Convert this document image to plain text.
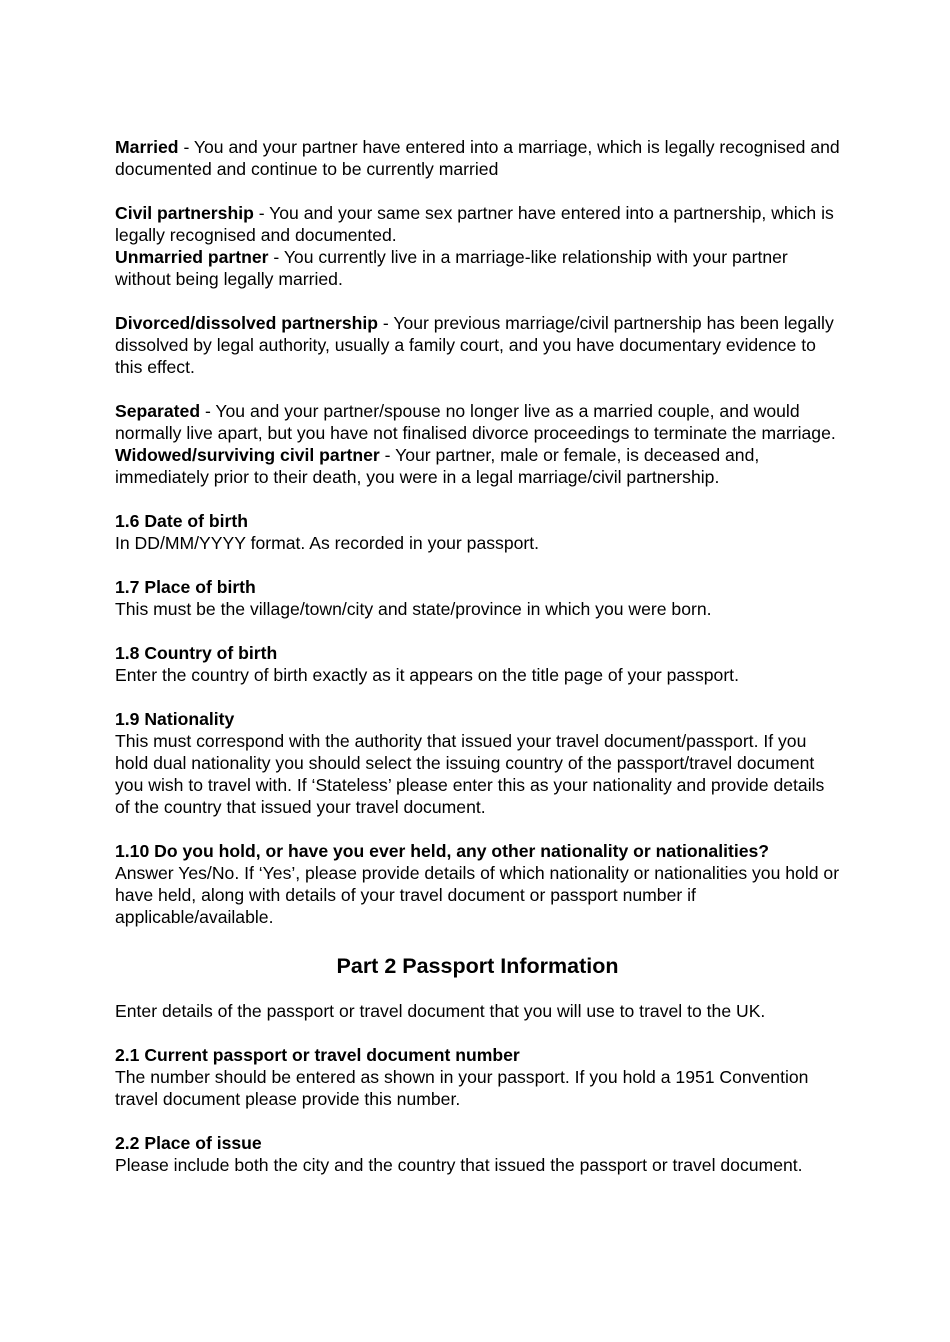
Married - You and your partner have entered into a marriage, which is legally recognised and documented and continue to be currently married

Civil partnership - You and your same sex partner have entered into a partnership, which is legally recognised and documented.

Unmarried partner - You currently live in a marriage-like relationship with your partner without being legally married.

Divorced/dissolved partnership - Your previous marriage/civil partnership has been legally dissolved by legal authority, usually a family court, and you have documentary evidence to this effect.

Separated - You and your partner/spouse no longer live as a married couple, and would normally live apart, but you have not finalised divorce proceedings to terminate the marriage.

Widowed/surviving civil partner - Your partner, male or female, is deceased and, immediately prior to their death, you were in a legal marriage/civil partnership.

1.6 Date of birth

In DD/MM/YYYY format. As recorded in your passport.

1.7 Place of birth

This must be the village/town/city and state/province in which you were born.

1.8 Country of birth

Enter the country of birth exactly as it appears on the title page of your passport.

1.9 Nationality

This must correspond with the authority that issued your travel document/passport. If you hold dual nationality you should select the issuing country of the passport/travel document you wish to travel with. If ‘Stateless’ please enter this as your nationality and provide details of the country that issued your travel document.

1.10 Do you hold, or have you ever held, any other nationality or nationalities?

Answer Yes/No. If ‘Yes’, please provide details of which nationality or nationalities you hold or have held, along with details of your travel document or passport number if applicable/available.

Part 2 Passport Information

Enter details of the passport or travel document that you will use to travel to the UK.

2.1 Current passport or travel document number

The number should be entered as shown in your passport. If you hold a 1951 Convention travel document please provide this number.

2.2 Place of issue

Please include both the city and the country that issued the passport or travel document.
